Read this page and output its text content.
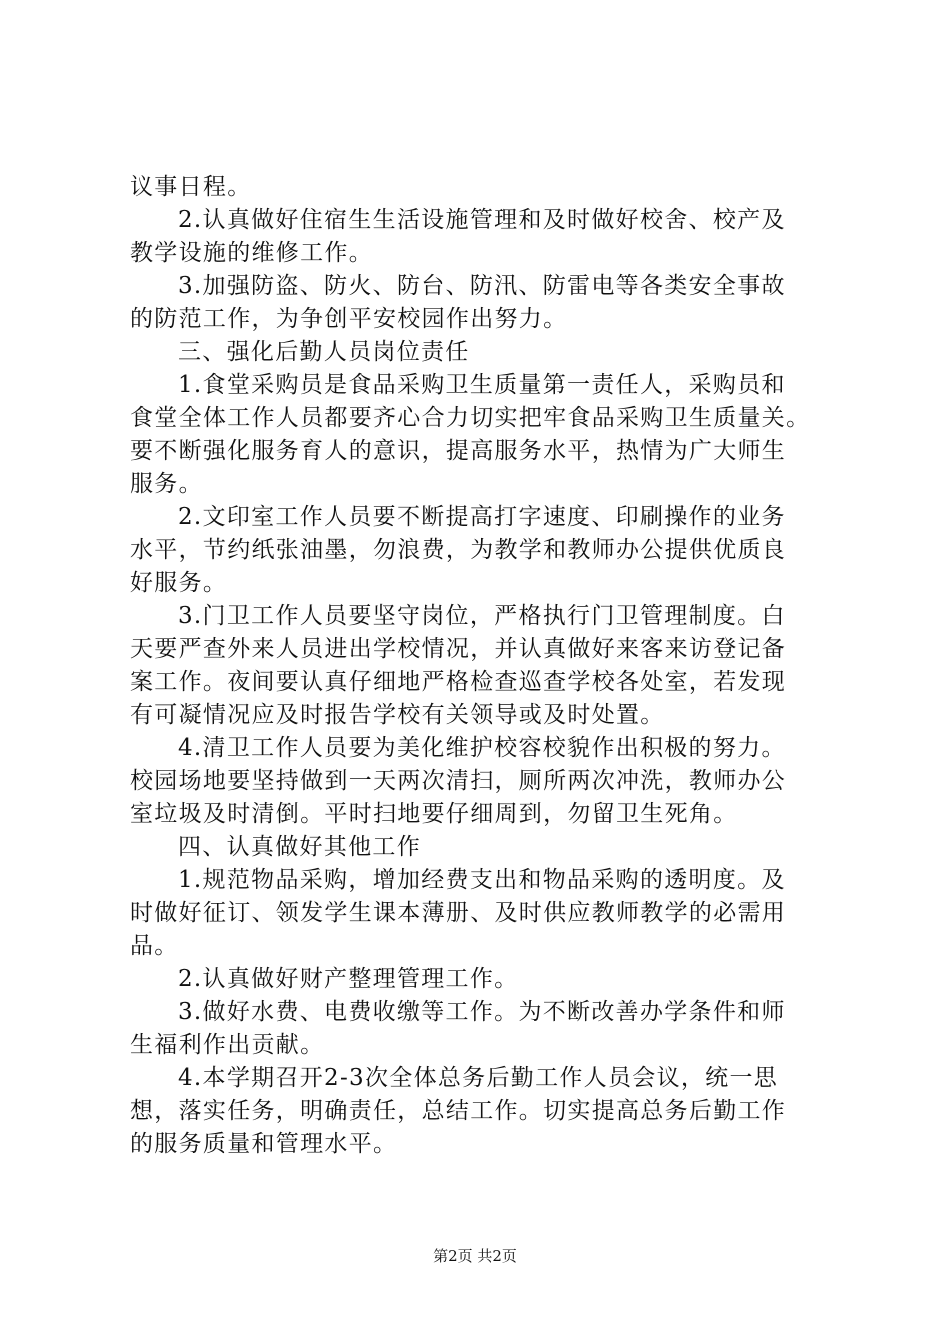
议事日程。
2.认真做好住宿生生活设施管理和及时做好校舍、校产及
教学设施的维修工作。
3.加强防盗、防火、防台、防汛、防雷电等各类安全事故
的防范工作，为争创平安校园作出努力。
三、强化后勤人员岗位责任
1.食堂采购员是食品采购卫生质量第一责任人，采购员和
食堂全体工作人员都要齐心合力切实把牢食品采购卫生质量关。
要不断强化服务育人的意识，提高服务水平，热情为广大师生
服务。
2.文印室工作人员要不断提高打字速度、印刷操作的业务
水平，节约纸张油墨，勿浪费，为教学和教师办公提供优质良
好服务。
3.门卫工作人员要坚守岗位，严格执行门卫管理制度。白
天要严查外来人员进出学校情况，并认真做好来客来访登记备
案工作。夜间要认真仔细地严格检查巡查学校各处室，若发现
有可凝情况应及时报告学校有关领导或及时处置。
4.清卫工作人员要为美化维护校容校貌作出积极的努力。
校园场地要坚持做到一天两次清扫，厕所两次冲洗，教师办公
室垃圾及时清倒。平时扫地要仔细周到，勿留卫生死角。
四、认真做好其他工作
1.规范物品采购，增加经费支出和物品采购的透明度。及
时做好征订、领发学生课本薄册、及时供应教师教学的必需用
品。
2.认真做好财产整理管理工作。
3.做好水费、电费收缴等工作。为不断改善办学条件和师
生福利作出贡献。
4.本学期召开2-3次全体总务后勤工作人员会议，统一思
想，落实任务，明确责任，总结工作。切实提高总务后勤工作
的服务质量和管理水平。
第2页 共2页
